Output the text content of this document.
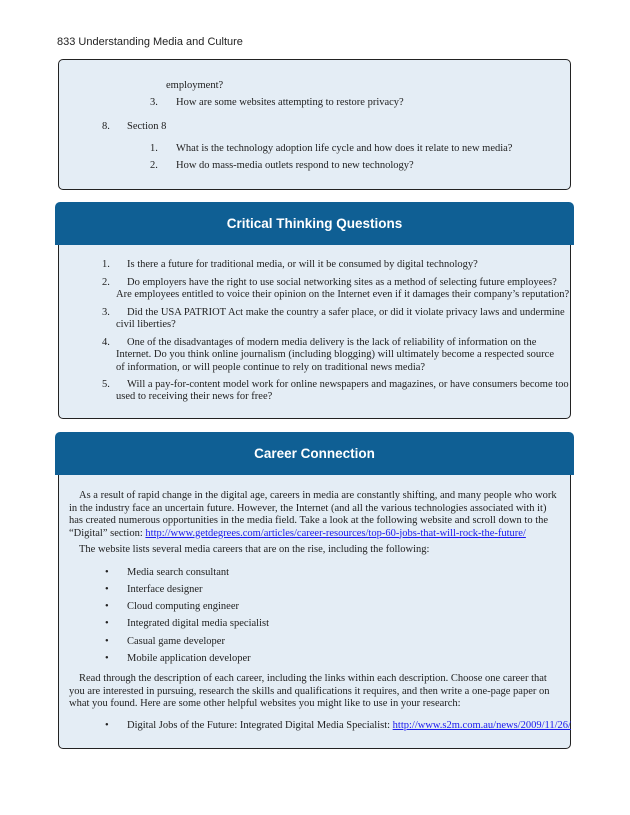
833 Understanding Media and Culture
employment?
3. How are some websites attempting to restore privacy?
8. Section 8
1. What is the technology adoption life cycle and how does it relate to new media?
2. How do mass-media outlets respond to new technology?
1. Is there a future for traditional media, or will it be consumed by digital technology?
2. Do employers have the right to use social networking sites as a method of selecting future employees?
Are employees entitled to voice their opinion on the Internet even if it damages their company’s reputation?
3. Did the USA PATRIOT Act make the country a safer place, or did it violate privacy laws and undermine
civil liberties?
4. One of the disadvantages of modern media delivery is the lack of reliability of information on the
Internet. Do you think online journalism (including blogging) will ultimately become a respected source of information, or will people continue to rely on traditional news media?
5. Will a pay-for-content model work for online newspapers and magazines, or have consumers become too
used to receiving their news for free?
Critical Thinking Questions
As a result of rapid change in the digital age, careers in media are constantly shifting, and many people who work in the industry face an uncertain future. However, the Internet (and all the various technologies associated with it) has created numerous opportunities in the media field. Take a look at the following website and scroll down to the “Digital” section: http://www.getdegrees.com/articles/career-resources/top-60-jobs-that-will-rock-the-future/
The website lists several media careers that are on the rise, including the following:
• Media search consultant
• Interface designer
• Cloud computing engineer
• Integrated digital media specialist
• Casual game developer
• Mobile application developer
Read through the description of each career, including the links within each description. Choose one career that you are interested in pursuing, research the skills and qualifications it requires, and then write a one-page paper on what you found. Here are some other helpful websites you might like to use in your research:
• Digital Jobs of the Future: Integrated Digital Media Specialist: http://www.s2m.com.au/news/2009/11/26/
Career Connection
